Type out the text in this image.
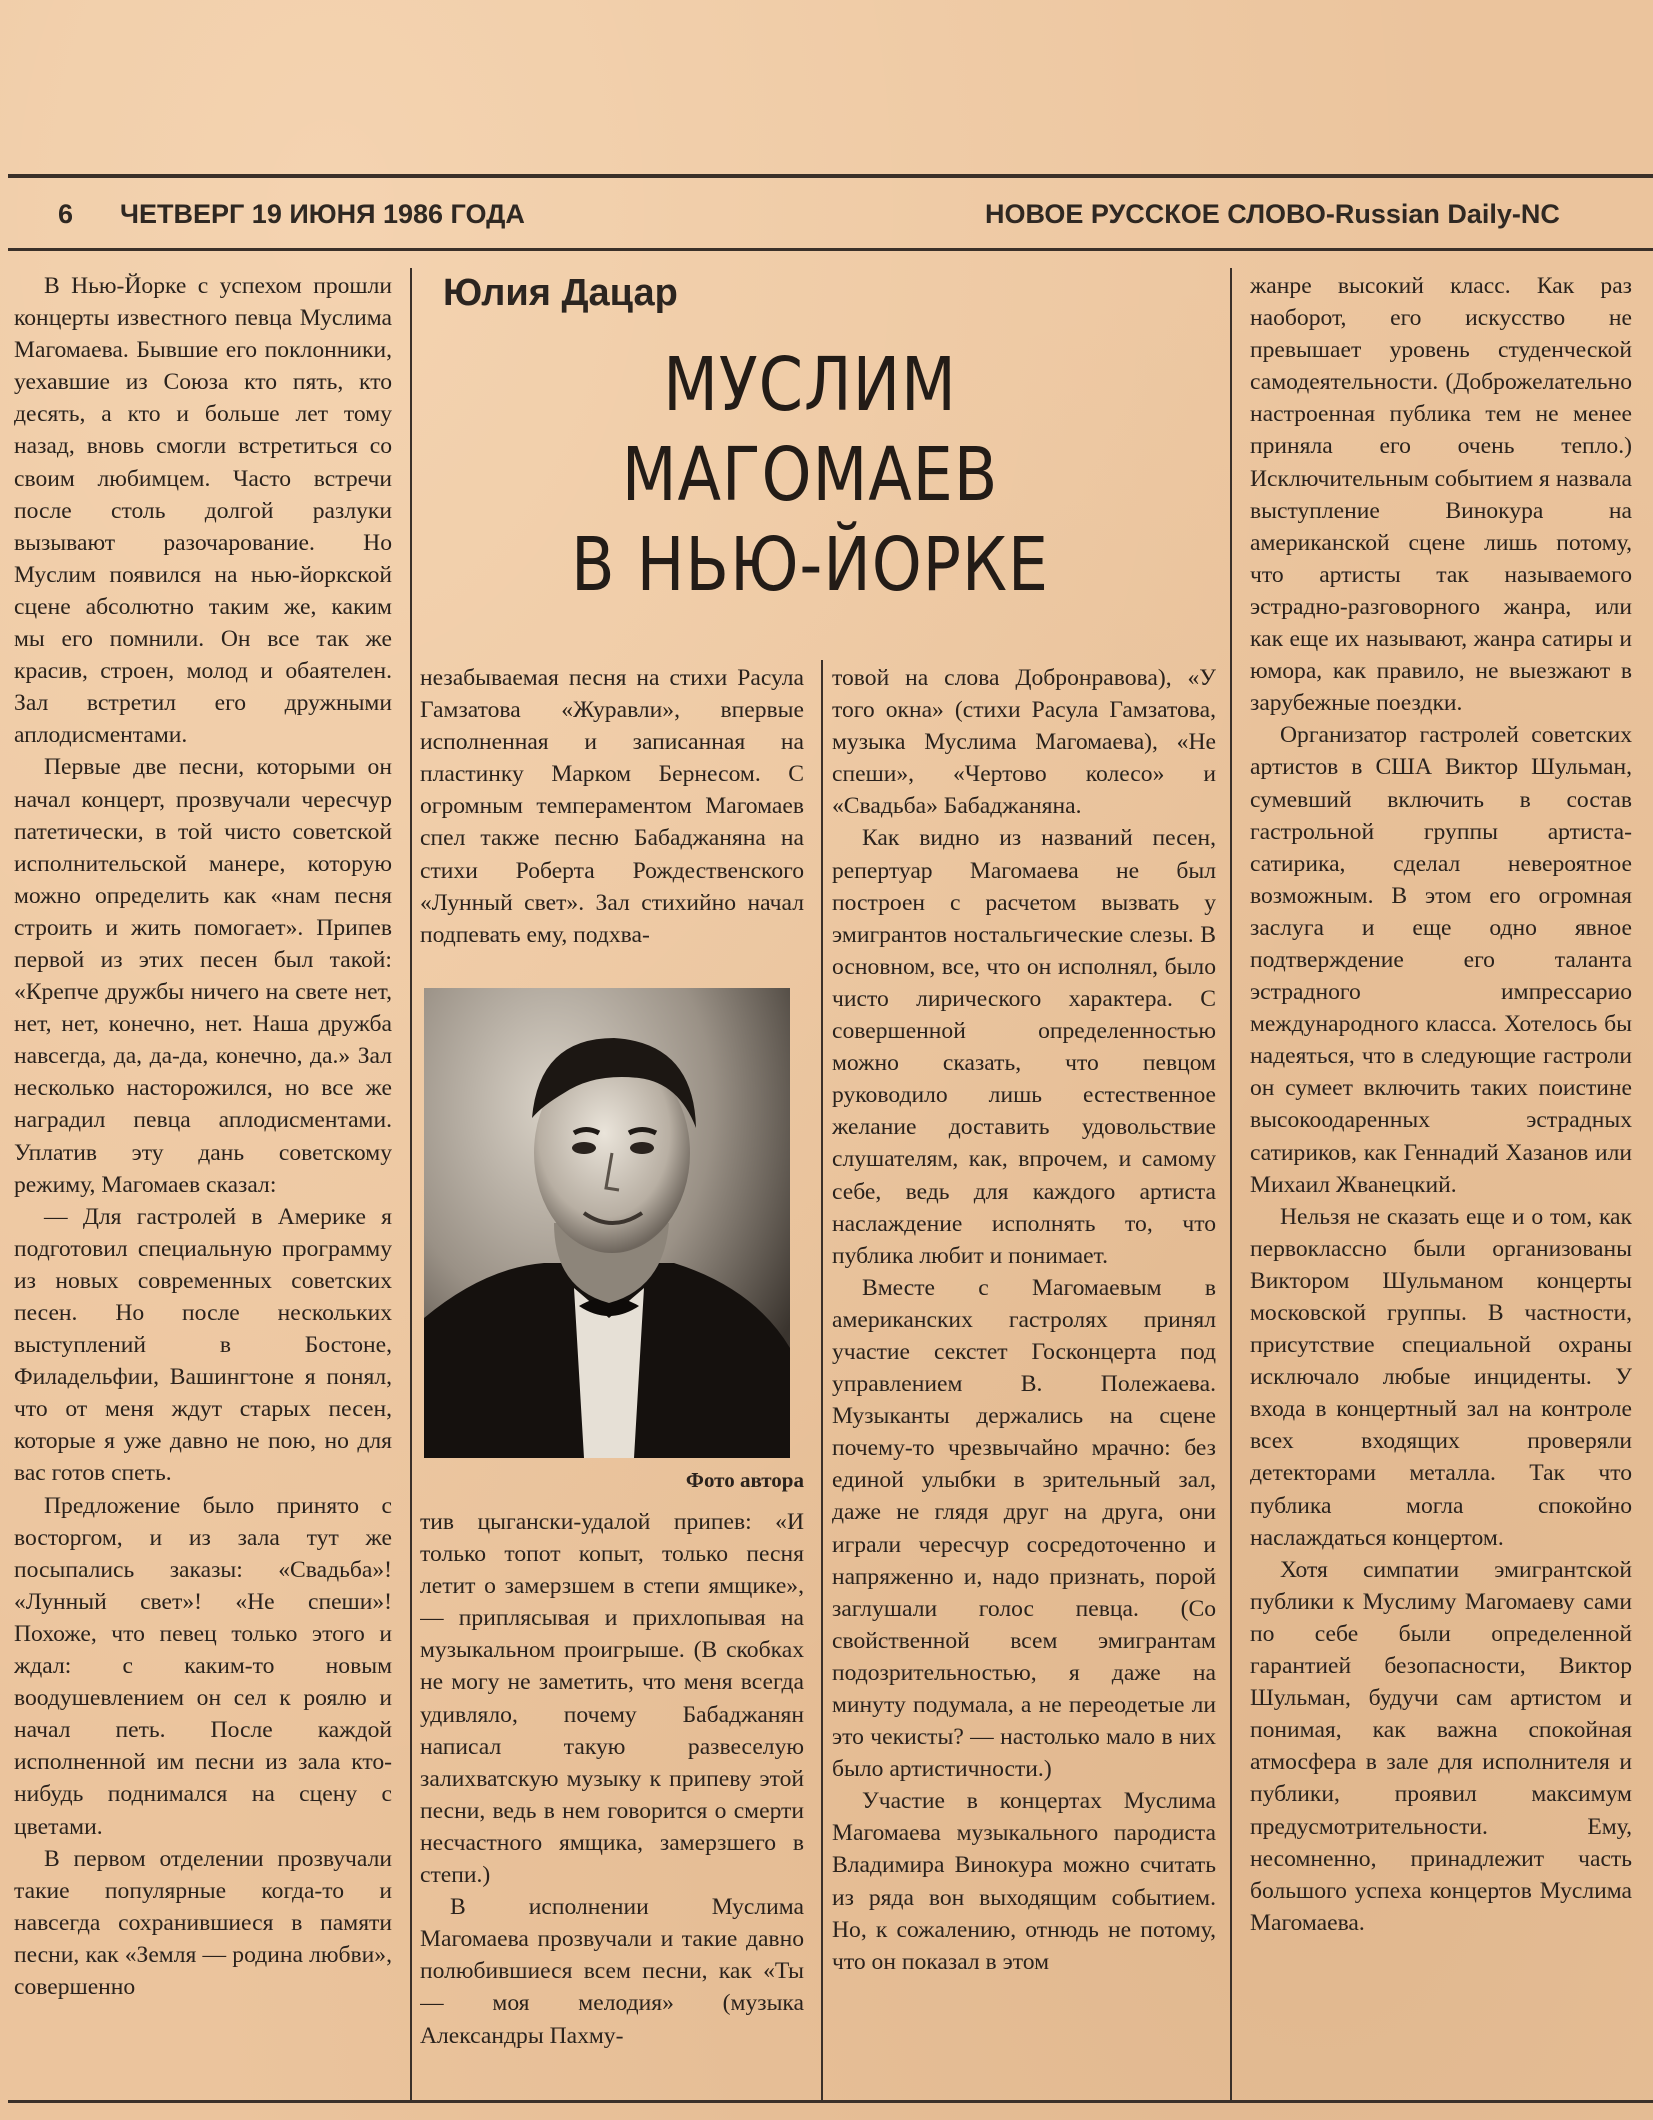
6 ЧЕТВЕРГ 19 ИЮНЯ 1986 ГОДА	НОВОЕ РУССКОЕ СЛОВО-Russian Daily-NC

В Нью-Йорке с успехом прошли концерты известного певца Муслима Магомаева. Бывшие его поклонники, уехавшие из Союза кто пять, кто десять, а кто и больше лет тому назад, вновь смогли встретиться со своим любимцем. Часто встречи после столь долгой разлуки вызывают разочарование. Но Муслим появился на нью-йоркской сцене абсолютно таким же, каким мы его помнили. Он все так же красив, строен, молод и обаятелен. Зал встретил его дружными аплодисментами.

Первые две песни, которыми он начал концерт, прозвучали чересчур патетически, в той чисто советской исполнительской манере, которую можно определить как «нам песня строить и жить помогает». Припев первой из этих песен был такой: «Крепче дружбы ничего на свете нет, нет, нет, конечно, нет. Наша дружба навсегда, да, да-да, конечно, да.» Зал несколько насторожился, но все же наградил певца аплодисментами. Уплатив эту дань советскому режиму, Магомаев сказал:

— Для гастролей в Америке я подготовил специальную программу из новых современных советских песен. Но после нескольких выступлений в Бостоне, Филадельфии, Вашингтоне я понял, что от меня ждут старых песен, которые я уже давно не пою, но для вас готов спеть.

Предложение было принято с восторгом, и из зала тут же посыпались заказы: «Свадьба»! «Лунный свет»! «Не спеши»! Похоже, что певец только этого и ждал: с каким-то новым воодушевлением он сел к роялю и начал петь. После каждой исполненной им песни из зала кто-нибудь поднимался на сцену с цветами.

В первом отделении прозвучали такие популярные когда-то и навсегда сохранившиеся в памяти песни, как «Земля — родина любви», совершенно

Юлия Дацар
МУСЛИМ
МАГОМАЕВ
В НЬЮ-ЙОРКЕ

незабываемая песня на стихи Расула Гамзатова «Журавли», впервые исполненная и записанная на пластинку Марком Бернесом. С огромным темпераментом Магомаев спел также песню Бабаджаняна на стихи Роберта Рождественского «Лунный свет». Зал стихийно начал подпевать ему, подхва-

Фото автора

тив цыгански-удалой припев: «И только топот копыт, только песня летит о замерзшем в степи ямщике», — приплясывая и прихлопывая на музыкальном проигрыше. (В скобках не могу не заметить, что меня всегда удивляло, почему Бабаджанян написал такую развеселую залихватскую музыку к припеву этой песни, ведь в нем говорится о смерти несчастного ямщика, замерзшего в степи.)

В исполнении Муслима Магомаева прозвучали и такие давно полюбившиеся всем песни, как «Ты — моя мелодия» (музыка Александры Пахму-

товой на слова Добронравова), «У того окна» (стихи Расула Гамзатова, музыка Муслима Магомаева), «Не спеши», «Чертово колесо» и «Свадьба» Бабаджаняна.

Как видно из названий песен, репертуар Магомаева не был построен с расчетом вызвать у эмигрантов ностальгические слезы. В основном, все, что он исполнял, было чисто лирического характера. С совершенной определенностью можно сказать, что певцом руководило лишь естественное желание доставить удовольствие слушателям, как, впрочем, и самому себе, ведь для каждого артиста наслаждение исполнять то, что публика любит и понимает.

Вместе с Магомаевым в американских гастролях принял участие секстет Госконцерта под управлением В. Полежаева. Музыканты держались на сцене почему-то чрезвычайно мрачно: без единой улыбки в зрительный зал, даже не глядя друг на друга, они играли чересчур сосредоточенно и напряженно и, надо признать, порой заглушали голос певца. (Со свойственной всем эмигрантам подозрительностью, я даже на минуту подумала, а не переодетые ли это чекисты? — настолько мало в них было артистичности.)

Участие в концертах Муслима Магомаева музыкального пародиста Владимира Винокура можно считать из ряда вон выходящим событием. Но, к сожалению, отнюдь не потому, что он показал в этом

жанре высокий класс. Как раз наоборот, его искусство не превышает уровень студенческой самодеятельности. (Доброжелательно настроенная публика тем не менее приняла его очень тепло.) Исключительным событием я назвала выступление Винокура на американской сцене лишь потому, что артисты так называемого эстрадно-разговорного жанра, или как еще их называют, жанра сатиры и юмора, как правило, не выезжают в зарубежные поездки.

Организатор гастролей советских артистов в США Виктор Шульман, сумевший включить в состав гастрольной группы артиста-сатирика, сделал невероятное возможным. В этом его огромная заслуга и еще одно явное подтверждение его таланта эстрадного импрессарио международного класса. Хотелось бы надеяться, что в следующие гастроли он сумеет включить таких поистине высокоодаренных эстрадных сатириков, как Геннадий Хазанов или Михаил Жванецкий.

Нельзя не сказать еще и о том, как первоклассно были организованы Виктором Шульманом концерты московской группы. В частности, присутствие специальной охраны исключало любые инциденты. У входа в концертный зал на контроле всех входящих проверяли детекторами металла. Так что публика могла спокойно наслаждаться концертом.

Хотя симпатии эмигрантской публики к Муслиму Магомаеву сами по себе были определенной гарантией безопасности, Виктор Шульман, будучи сам артистом и понимая, как важна спокойная атмосфера в зале для исполнителя и публики, проявил максимум предусмотрительности. Ему, несомненно, принадлежит часть большого успеха концертов Муслима Магомаева.
